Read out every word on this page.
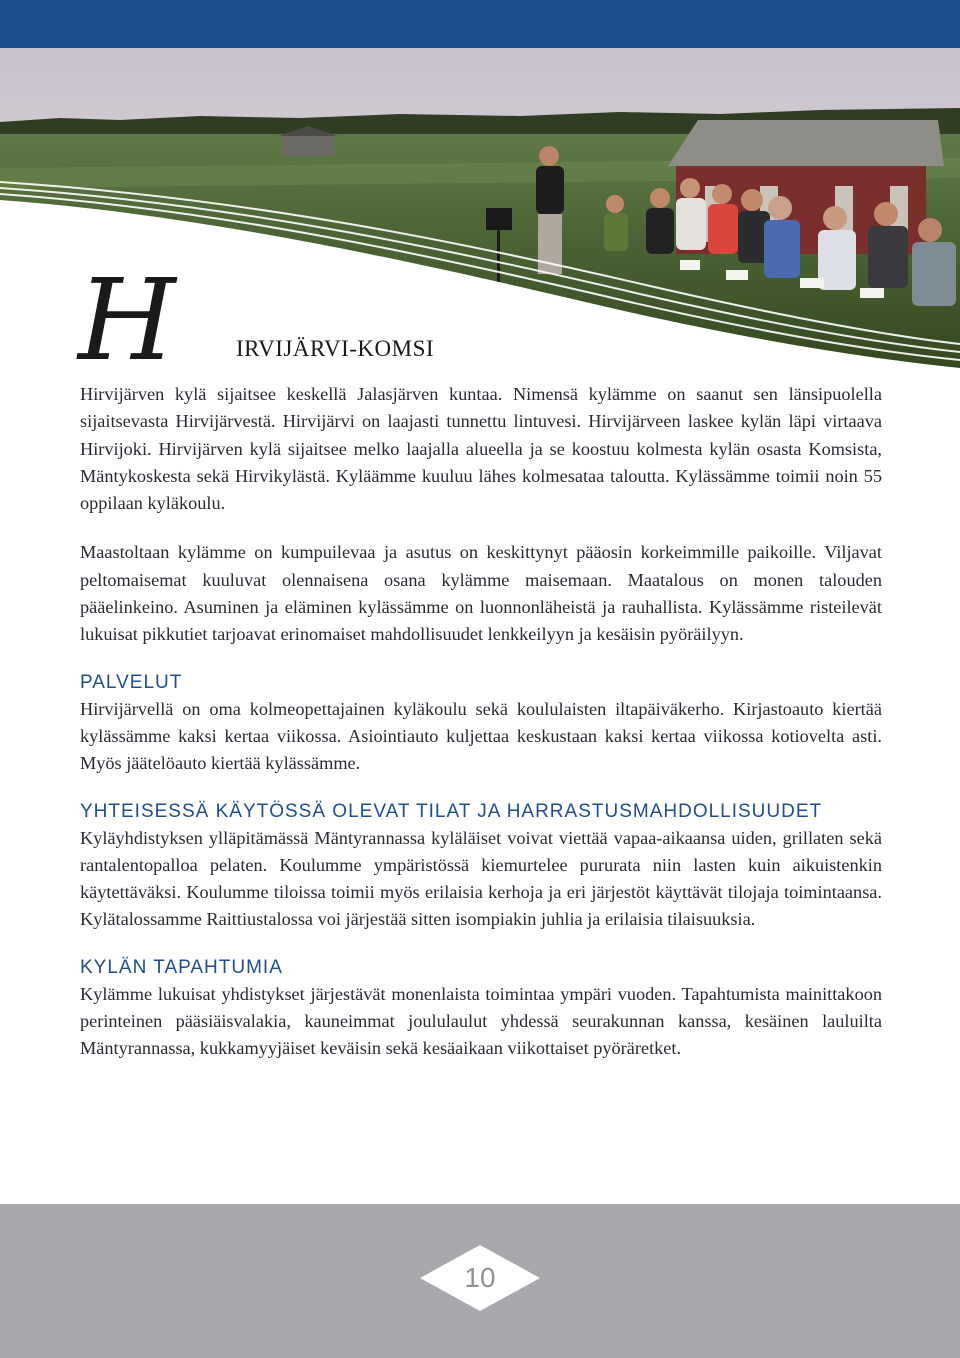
H	IRVIJÄRVI-KOMSI

Hirvijärven kylä sijaitsee keskellä Jalasjärven kuntaa. Nimensä kylämme on saanut sen länsipuolella sijaitsevasta Hirvijärvestä. Hirvijärvi on laajasti tunnettu lintuvesi. Hirvijärveen laskee kylän läpi virtaava Hirvijoki. Hirvijärven kylä sijaitsee melko laajalla alueella ja se koostuu kolmesta kylän osasta Komsista, Mäntykoskesta sekä Hirvikylästä. Kyläämme kuuluu lähes kolmesataa taloutta. Kylässämme toimii noin 55 oppilaan kyläkoulu.

Maastoltaan kylämme on kumpuilevaa ja asutus on keskittynyt pääosin korkeimmille paikoille. Viljavat peltomaisemat kuuluvat olennaisena osana kylämme maisemaan. Maatalous on monen talouden pääelinkeino. Asuminen ja eläminen kylässämme on luonnonläheistä ja rauhallista. Kylässämme risteilevät lukuisat pikkutiet tarjoavat erinomaiset mahdollisuudet lenkkeilyyn ja kesäisin pyöräilyyn.

PALVELUT

Hirvijärvellä on oma kolmeopettajainen kyläkoulu sekä koululaisten iltapäiväkerho. Kirjastoauto kiertää kylässämme kaksi kertaa viikossa. Asiointiauto kuljettaa keskustaan kaksi kertaa viikossa kotiovelta asti. Myös jäätelöauto kiertää kylässämme.

YHTEISESSÄ KÄYTÖSSÄ OLEVAT TILAT JA HARRASTUSMAHDOLLISUUDET

Kyläyhdistyksen ylläpitämässä Mäntyrannassa kyläläiset voivat viettää vapaa-aikaansa uiden, grillaten sekä rantalentopalloa pelaten. Koulumme ympäristössä kiemurtelee pururata niin lasten kuin aikuistenkin käytettäväksi. Koulumme tiloissa toimii myös erilaisia kerhoja ja eri järjestöt käyttävät tilojaja toimintaansa. Kylätalossamme Raittiustalossa voi järjestää sitten isompiakin juhlia ja erilaisia tilaisuuksia.

KYLÄN TAPAHTUMIA

Kylämme lukuisat yhdistykset järjestävät monenlaista toimintaa ympäri vuoden. Tapahtumista mainittakoon perinteinen pääsiäisvalakia, kauneimmat joululaulut yhdessä seurakunnan kanssa, kesäinen lauluilta Mäntyrannassa, kukkamyyjäiset keväisin sekä kesäaikaan viikottaiset pyöräretket.

10
